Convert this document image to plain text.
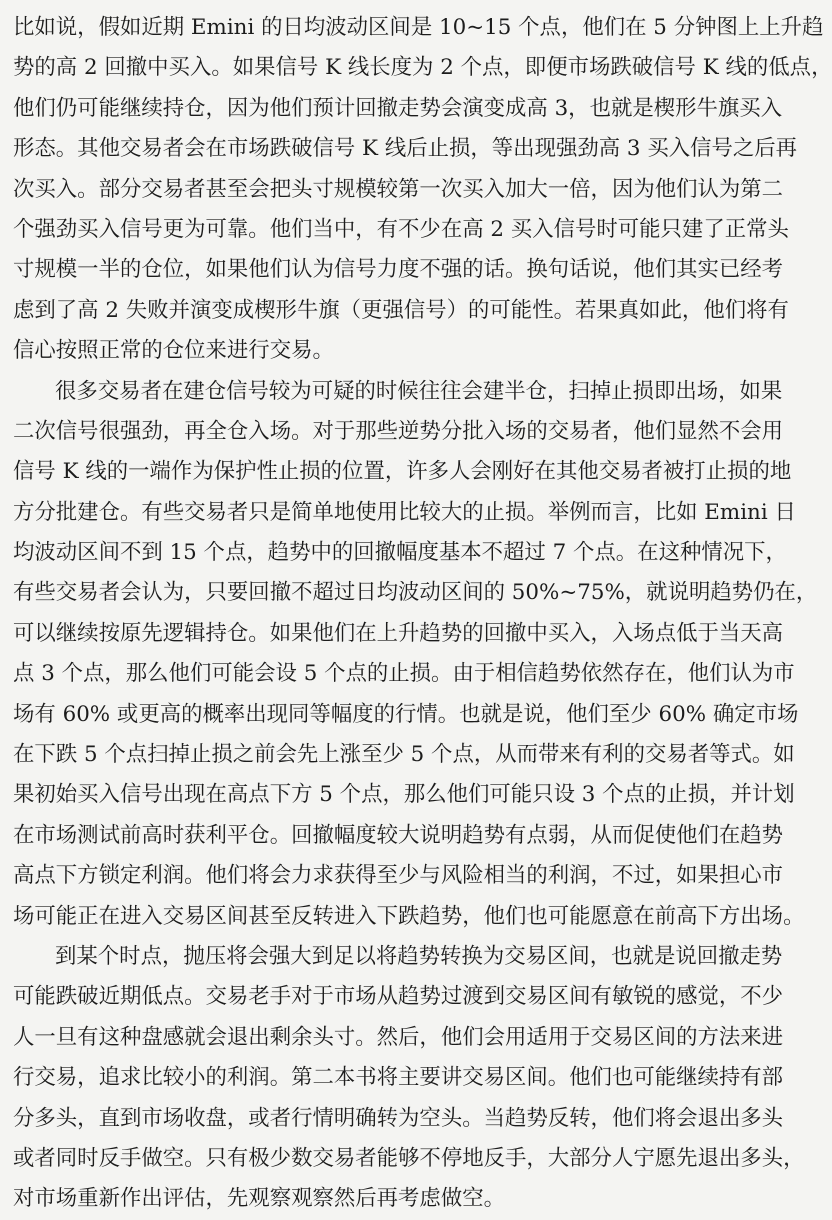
比如说，假如近期 Emini 的日均波动区间是 10~15 个点，他们在 5 分钟图上上升趋
势的高 2 回撤中买入。如果信号 K 线长度为 2 个点，即便市场跌破信号 K 线的低点，
他们仍可能继续持仓，因为他们预计回撤走势会演变成高 3，也就是楔形牛旗买入
形态。其他交易者会在市场跌破信号 K 线后止损，等出现强劲高 3 买入信号之后再
次买入。部分交易者甚至会把头寸规模较第一次买入加大一倍，因为他们认为第二
个强劲买入信号更为可靠。他们当中，有不少在高 2 买入信号时可能只建了正常头
寸规模一半的仓位，如果他们认为信号力度不强的话。换句话说，他们其实已经考
虑到了高 2 失败并演变成楔形牛旗（更强信号）的可能性。若果真如此，他们将有
信心按照正常的仓位来进行交易。
很多交易者在建仓信号较为可疑的时候往往会建半仓，扫掉止损即出场，如果
二次信号很强劲，再全仓入场。对于那些逆势分批入场的交易者，他们显然不会用
信号 K 线的一端作为保护性止损的位置，许多人会刚好在其他交易者被打止损的地
方分批建仓。有些交易者只是简单地使用比较大的止损。举例而言，比如 Emini 日
均波动区间不到 15 个点，趋势中的回撤幅度基本不超过 7 个点。在这种情况下，
有些交易者会认为，只要回撤不超过日均波动区间的 50%~75%，就说明趋势仍在，
可以继续按原先逻辑持仓。如果他们在上升趋势的回撤中买入，入场点低于当天高
点 3 个点，那么他们可能会设 5 个点的止损。由于相信趋势依然存在，他们认为市
场有 60% 或更高的概率出现同等幅度的行情。也就是说，他们至少 60% 确定市场
在下跌 5 个点扫掉止损之前会先上涨至少 5 个点，从而带来有利的交易者等式。如
果初始买入信号出现在高点下方 5 个点，那么他们可能只设 3 个点的止损，并计划
在市场测试前高时获利平仓。回撤幅度较大说明趋势有点弱，从而促使他们在趋势
高点下方锁定利润。他们将会力求获得至少与风险相当的利润，不过，如果担心市
场可能正在进入交易区间甚至反转进入下跌趋势，他们也可能愿意在前高下方出场。
到某个时点，抛压将会强大到足以将趋势转换为交易区间，也就是说回撤走势
可能跌破近期低点。交易老手对于市场从趋势过渡到交易区间有敏锐的感觉，不少
人一旦有这种盘感就会退出剩余头寸。然后，他们会用适用于交易区间的方法来进
行交易，追求比较小的利润。第二本书将主要讲交易区间。他们也可能继续持有部
分多头，直到市场收盘，或者行情明确转为空头。当趋势反转，他们将会退出多头
或者同时反手做空。只有极少数交易者能够不停地反手，大部分人宁愿先退出多头，
对市场重新作出评估，先观察观察然后再考虑做空。
